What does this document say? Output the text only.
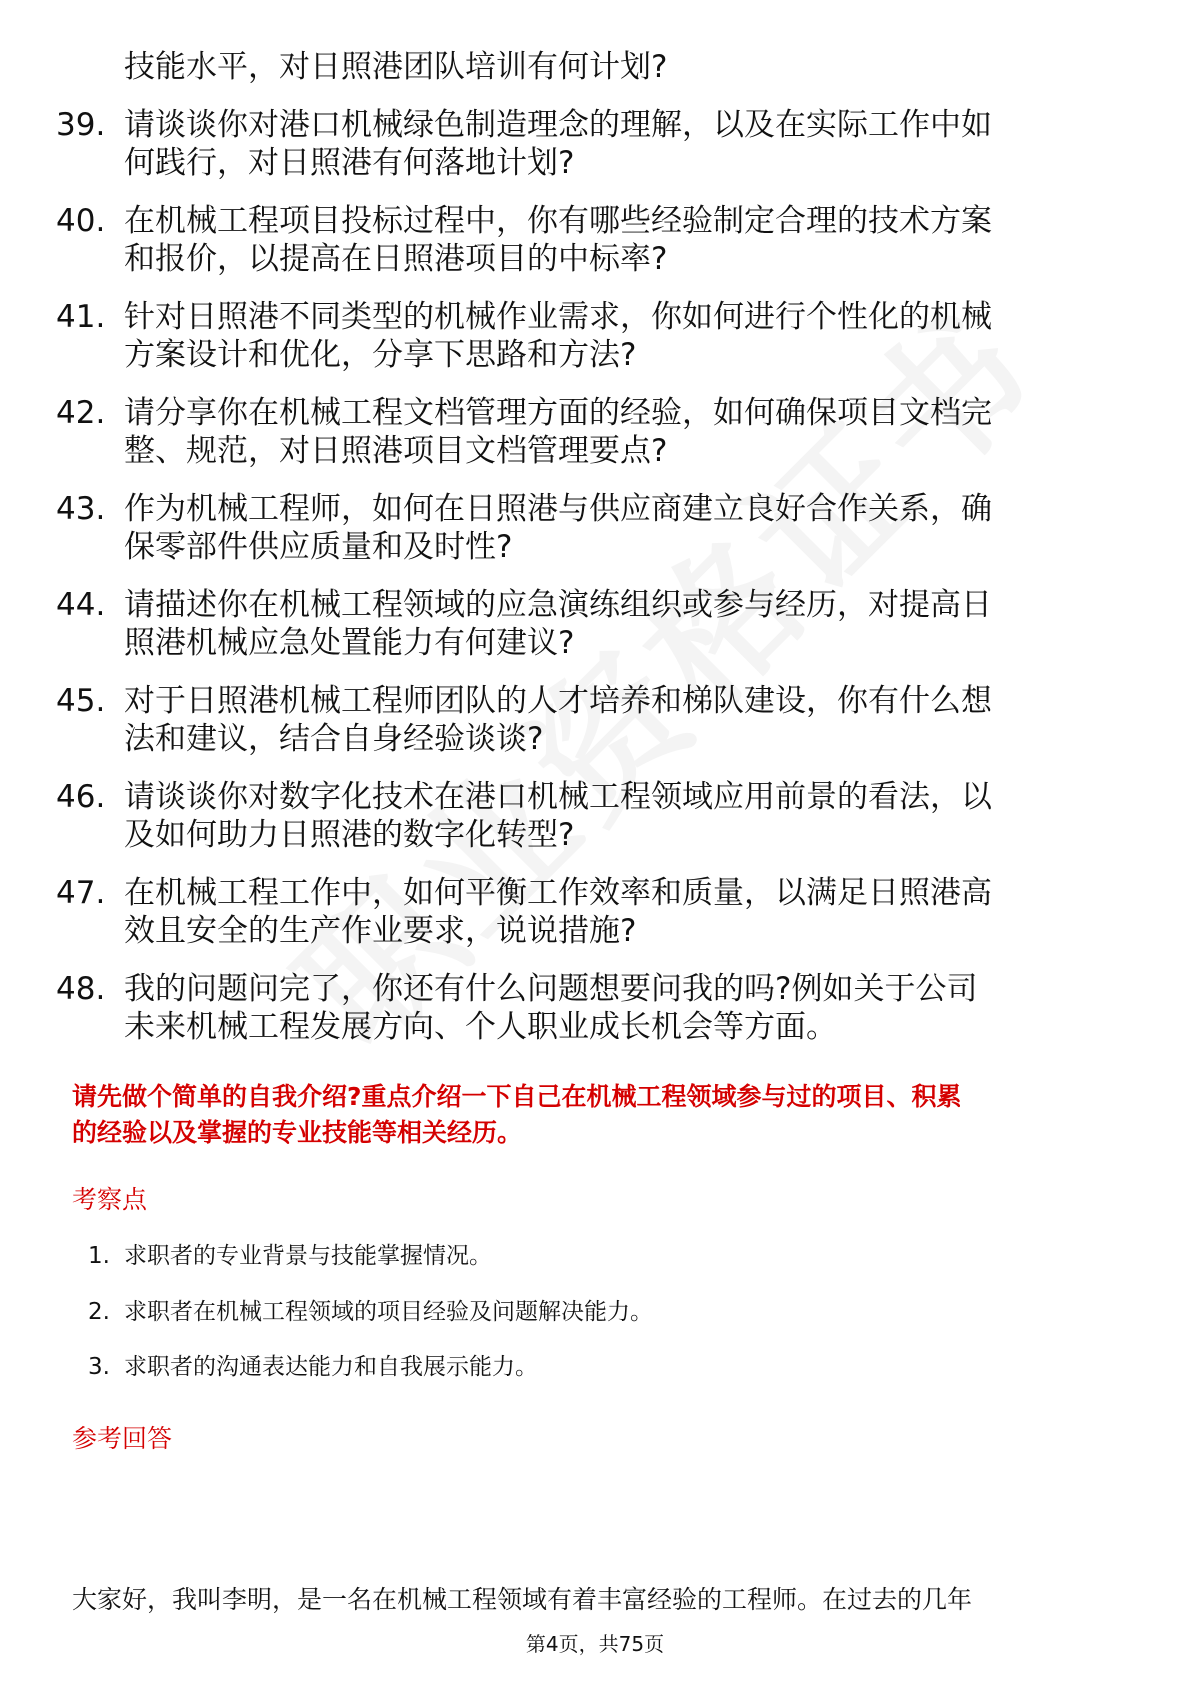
技能水平，对日照港团队培训有何计划?
39. 请谈谈你对港口机械绿色制造理念的理解，以及在实际工作中如
何践行，对日照港有何落地计划?
40. 在机械工程项目投标过程中，你有哪些经验制定合理的技术方案
和报价，以提高在日照港项目的中标率?
41. 针对日照港不同类型的机械作业需求，你如何进行个性化的机械
方案设计和优化，分享下思路和方法?
42. 请分享你在机械工程文档管理方面的经验，如何确保项目文档完
整、规范，对日照港项目文档管理要点?
43. 作为机械工程师，如何在日照港与供应商建立良好合作关系，确
保零部件供应质量和及时性?
44. 请描述你在机械工程领域的应急演练组织或参与经历，对提高日
照港机械应急处置能力有何建议?
45. 对于日照港机械工程师团队的人才培养和梯队建设，你有什么想
法和建议，结合自身经验谈谈?
46. 请谈谈你对数字化技术在港口机械工程领域应用前景的看法，以
及如何助力日照港的数字化转型?
47. 在机械工程工作中，如何平衡工作效率和质量，以满足日照港高
效且安全的生产作业要求，说说措施?
48. 我的问题问完了，你还有什么问题想要问我的吗?例如关于公司
未来机械工程发展方向、个人职业成长机会等方面。
请先做个简单的自我介绍?重点介绍一下自己在机械工程领域参与过的项目、积累
的经验以及掌握的专业技能等相关经历。
考察点
1. 求职者的专业背景与技能掌握情况。
2. 求职者在机械工程领域的项目经验及问题解决能力。
3. 求职者的沟通表达能力和自我展示能力。
参考回答
大家好，我叫李明，是一名在机械工程领域有着丰富经验的工程师。在过去的几年
第4页，共75页
